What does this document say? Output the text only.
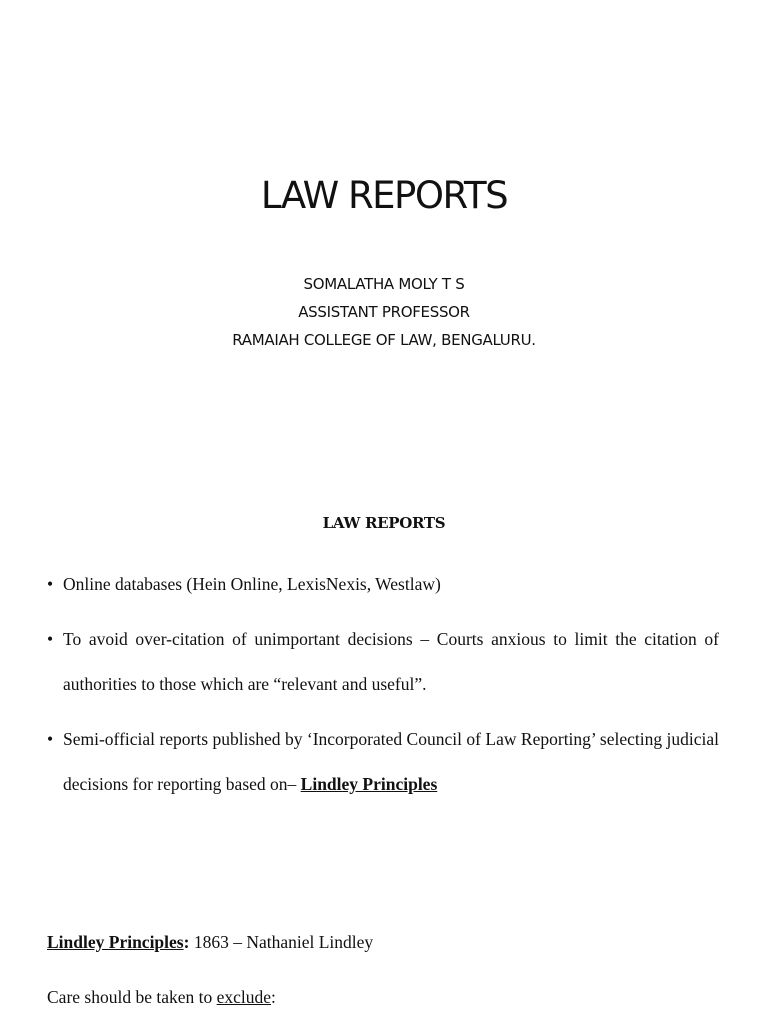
LAW REPORTS
SOMALATHA MOLY T S
ASSISTANT PROFESSOR
RAMAIAH COLLEGE OF LAW, BENGALURU.
LAW REPORTS
• Online databases (Hein Online, LexisNexis, Westlaw)
• To avoid over-citation of unimportant decisions – Courts anxious to limit the citation of authorities to those which are “relevant and useful”.
• Semi-official reports published by ‘Incorporated Council of Law Reporting’ selecting judicial decisions for reporting based on– Lindley Principles
Lindley Principles: 1863 – Nathaniel Lindley
Care should be taken to exclude:
